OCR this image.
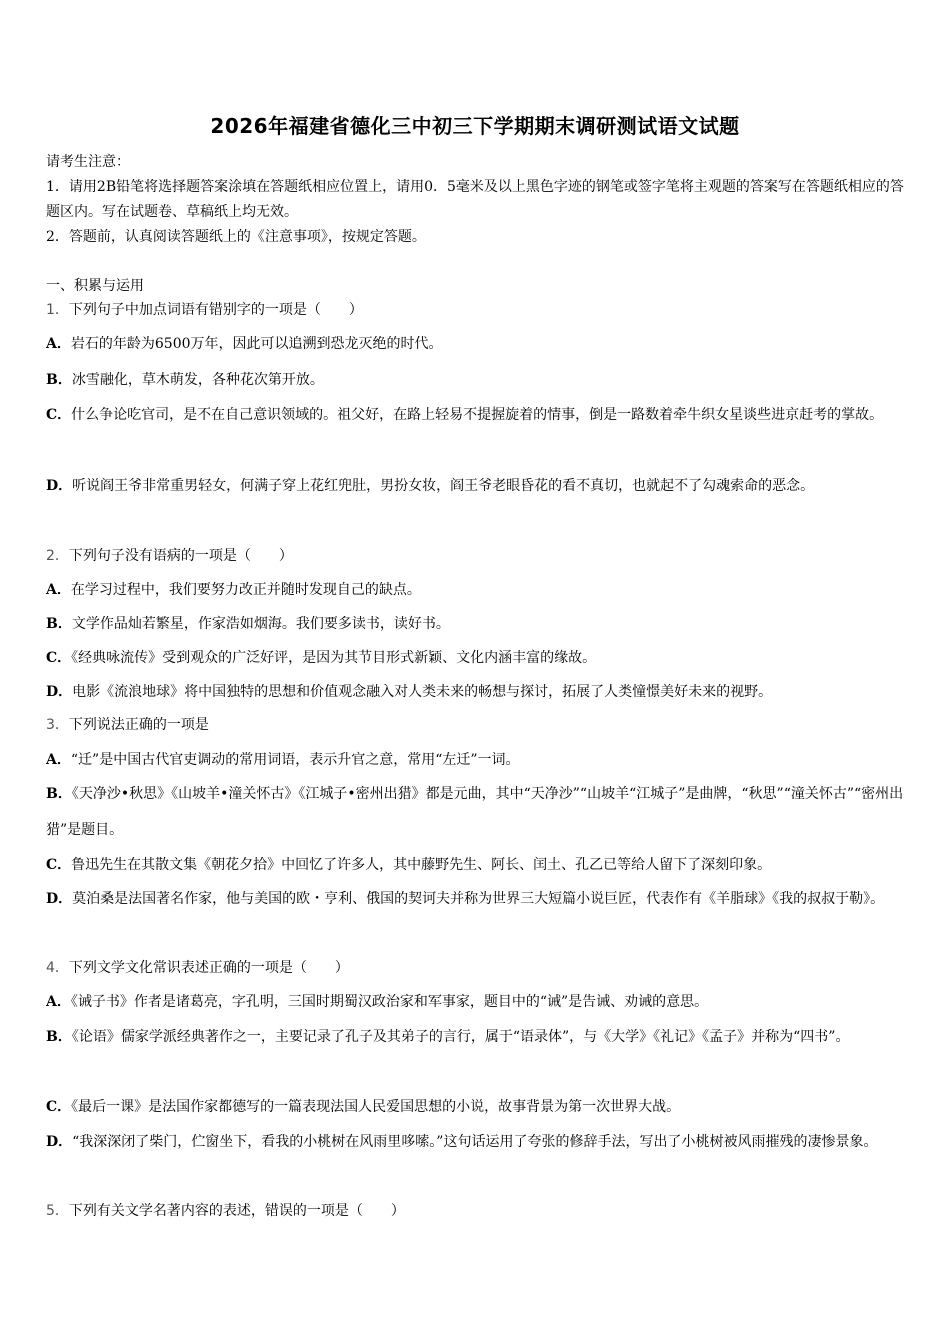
2026年福建省德化三中初三下学期期末调研测试语文试题

请考生注意：

1．请用2B铅笔将选择题答案涂填在答题纸相应位置上，请用0．5毫米及以上黑色字迹的钢笔或签字笔将主观题的答案写在答题纸相应的答题区内。写在试题卷、草稿纸上均无效。

2．答题前，认真阅读答题纸上的《注意事项》，按规定答题。

一、积累与运用
1．下列句子中加点词语有错别字的一项是（　　）
A．岩石的年龄为6500万年，因此可以追溯到恐龙灭绝的时代。
B．冰雪融化，草木萌发，各种花次第开放。
C．什么争论吃官司，是不在自己意识领域的。祖父好，在路上轻易不提握旋着的情事，倒是一路数着牵牛织女星谈些进京赶考的掌故。
D．听说阎王爷非常重男轻女，何满子穿上花红兜肚，男扮女妆，阎王爷老眼昏花的看不真切，也就起不了勾魂索命的恶念。
2．下列句子没有语病的一项是（　　）
A．在学习过程中，我们要努力改正并随时发现自己的缺点。
B．文学作品灿若繁星，作家浩如烟海。我们要多读书，读好书。
C．《经典咏流传》受到观众的广泛好评，是因为其节目形式新颖、文化内涵丰富的缘故。
D．电影《流浪地球》将中国独特的思想和价值观念融入对人类未来的畅想与探讨，拓展了人类憧憬美好未来的视野。
3．下列说法正确的一项是
A．“迁”是中国古代官吏调动的常用词语，表示升官之意，常用“左迁”一词。
B．《天净沙•秋思》《山坡羊•潼关怀古》《江城子•密州出猎》都是元曲，其中“天净沙”“山坡羊“江城子”是曲牌，“秋思”“潼关怀古”“密州出猎”是题目。
C．鲁迅先生在其散文集《朝花夕拾》中回忆了许多人，其中藤野先生、阿长、闰土、孔乙已等给人留下了深刻印象。
D．莫泊桑是法国著名作家，他与美国的欧・亨利、俄国的契诃夫并称为世界三大短篇小说巨匠，代表作有《羊脂球》《我的叔叔于勒》。
4．下列文学文化常识表述正确的一项是（　　）
A．《诫子书》作者是诸葛亮，字孔明，三国时期蜀汉政治家和军事家，题目中的“诫”是告诫、劝诫的意思。
B．《论语》儒家学派经典著作之一，主要记录了孔子及其弟子的言行，属于“语录体”，与《大学》《礼记》《孟子》并称为“四书”。
C．《最后一课》是法国作家都德写的一篇表现法国人民爱国思想的小说，故事背景为第一次世界大战。
D．“我深深闭了柴门，伫窗坐下，看我的小桃树在风雨里哆嗦。”这句话运用了夸张的修辞手法，写出了小桃树被风雨摧残的凄惨景象。
5．下列有关文学名著内容的表述，错误的一项是（　　）
